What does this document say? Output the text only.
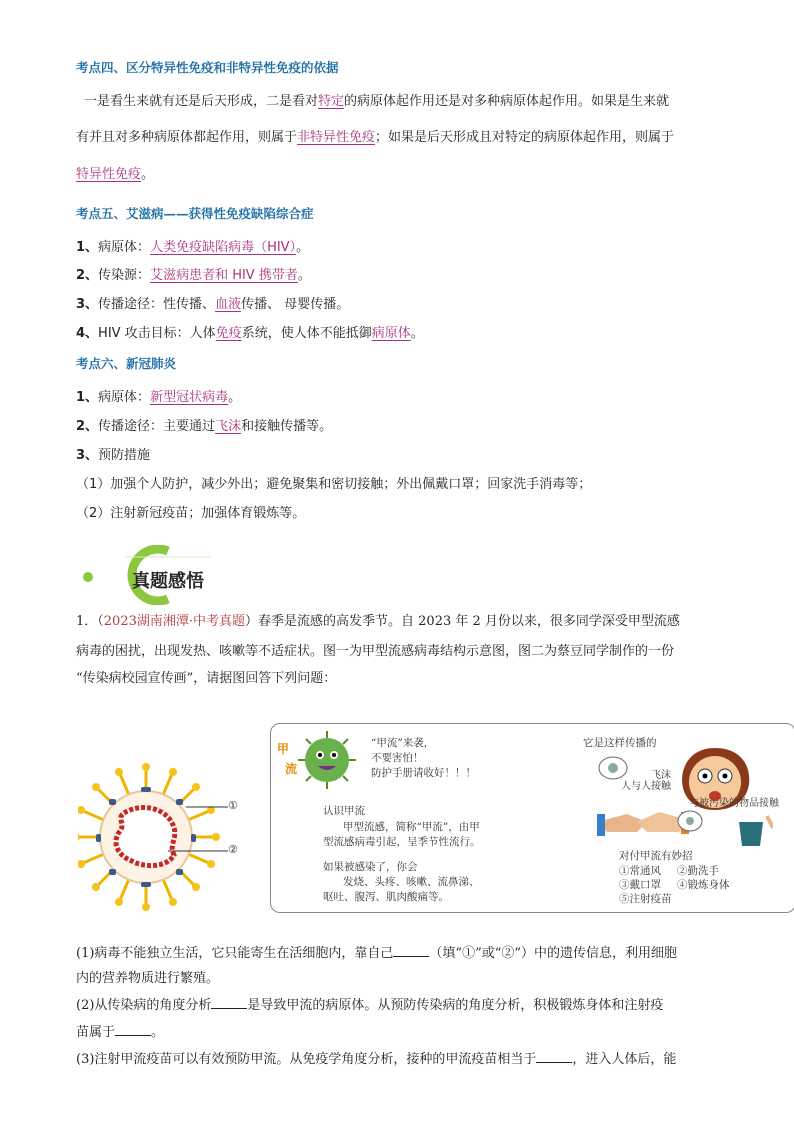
考点四、区分特异性免疫和非特异性免疫的依据
一是看生来就有还是后天形成，二是看对特定的病原体起作用还是对多种病原体起作用。如果是生来就
有并且对多种病原体都起作用，则属于非特异性免疫；如果是后天形成且对特定的病原体起作用，则属于
特异性免疫。
考点五、艾滋病——获得性免疫缺陷综合症
1、病原体：人类免疫缺陷病毒（HIV）。
2、传染源：艾滋病患者和 HIV 携带者。
3、传播途径：性传播、血液传播、 母婴传播。
4、HIV 攻击目标：人体免疫系统，使人体不能抵御病原体。
考点六、新冠肺炎
1、病原体：新型冠状病毒。
2、传播途径：主要通过飞沫和接触传播等。
3、预防措施
（1）加强个人防护，减少外出；避免聚集和密切接触；外出佩戴口罩；回家洗手消毒等；
（2）注射新冠疫苗；加强体育锻炼等。
真题感悟
1．（2023湖南湘潭·中考真题）春季是流感的高发季节。自 2023 年 2 月份以来，很多同学深受甲型流感
病毒的困扰，出现发热、咳嗽等不适症状。图一为甲型流感病毒结构示意图，图二为蔡豆同学制作的一份
“传染病校园宣传画”，请据图回答下列问题：
①
②
甲
流
“甲流”来袭，
不要害怕！
防护手册请收好！！！
它是这样传播的
飞沫
人与人接触
与被污染的物品接触
认识甲流
甲型流感，简称“甲流”，由甲
型流感病毒引起，呈季节性流行。
如果被感染了，你会
发烧、头疼、咳嗽、流鼻涕、
呕吐、腹泻、肌肉酸痛等。
对付甲流有妙招
①常通风 ②勤洗手
③戴口罩 ④锻炼身体
⑤注射疫苗
(1)病毒不能独立生活，它只能寄生在活细胞内，靠自己	（填“①”或“②”）中的遗传信息，利用细胞
内的营养物质进行繁殖。
(2)从传染病的角度分析	是导致甲流的病原体。从预防传染病的角度分析，积极锻炼身体和注射疫
苗属于	。
(3)注射甲流疫苗可以有效预防甲流。从免疫学角度分析，接种的甲流疫苗相当于	，进入人体后，能
